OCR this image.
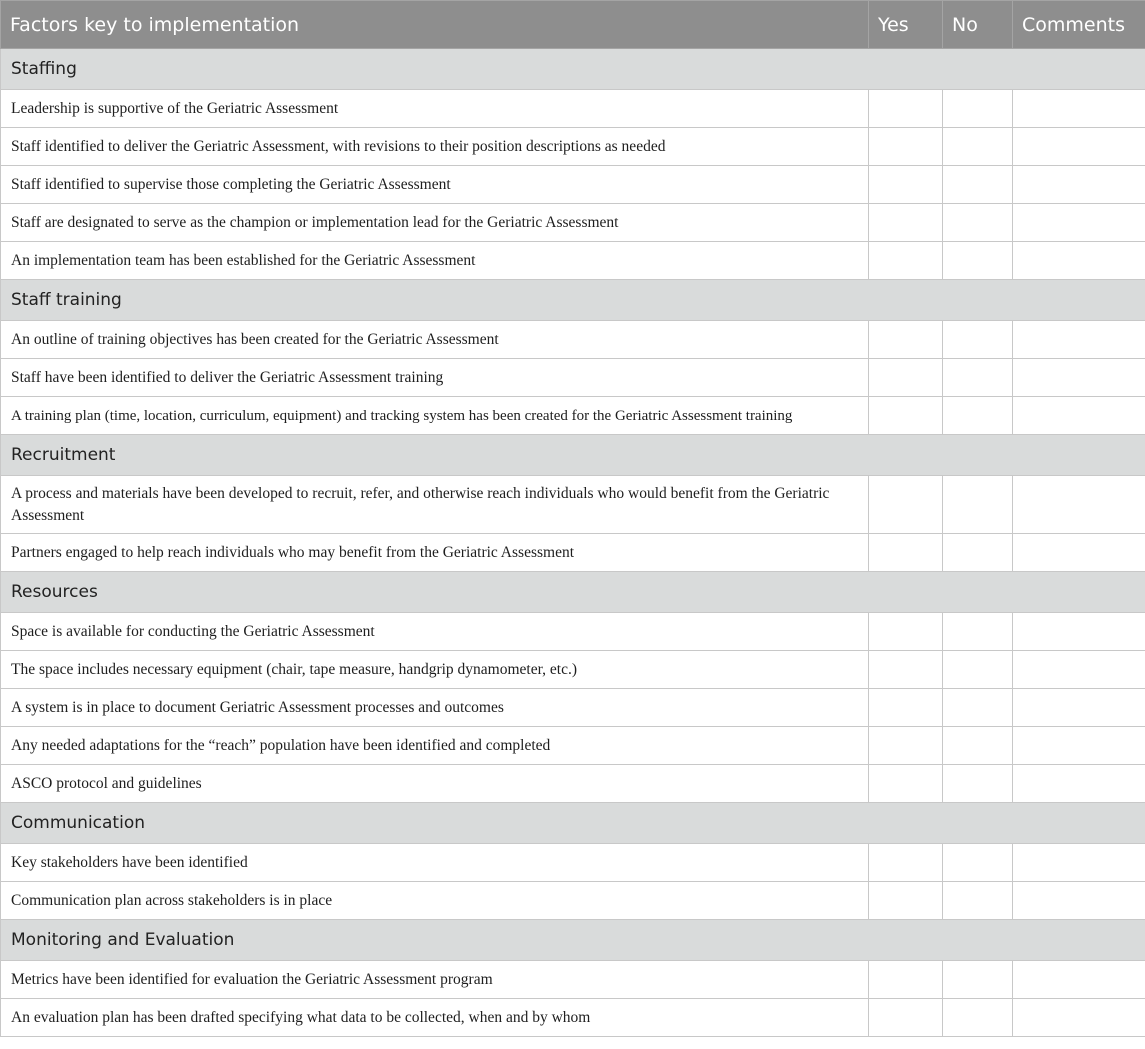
Factors key to implementation	Yes	No	Comments
Staffing			
Leadership is supportive of the Geriatric Assessment			
Staff identified to deliver the Geriatric Assessment, with revisions to their position descriptions as needed			
Staff identified to supervise those completing the Geriatric Assessment			
Staff are designated to serve as the champion or implementation lead for the Geriatric Assessment			
An implementation team has been established for the Geriatric Assessment			
Staff training			
An outline of training objectives has been created for the Geriatric Assessment			
Staff have been identified to deliver the Geriatric Assessment training			
A training plan (time, location, curriculum, equipment) and tracking system has been created for the Geriatric Assessment training			
Recruitment			
A process and materials have been developed to recruit, refer, and otherwise reach individuals who would benefit from the Geriatric Assessment			
Partners engaged to help reach individuals who may benefit from the Geriatric Assessment			
Resources			
Space is available for conducting the Geriatric Assessment			
The space includes necessary equipment (chair, tape measure, handgrip dynamometer, etc.)			
A system is in place to document Geriatric Assessment processes and outcomes			
Any needed adaptations for the “reach” population have been identified and completed			
ASCO protocol and guidelines			
Communication			
Key stakeholders have been identified			
Communication plan across stakeholders is in place			
Monitoring and Evaluation			
Metrics have been identified for evaluation the Geriatric Assessment program			
An evaluation plan has been drafted specifying what data to be collected, when and by whom			
